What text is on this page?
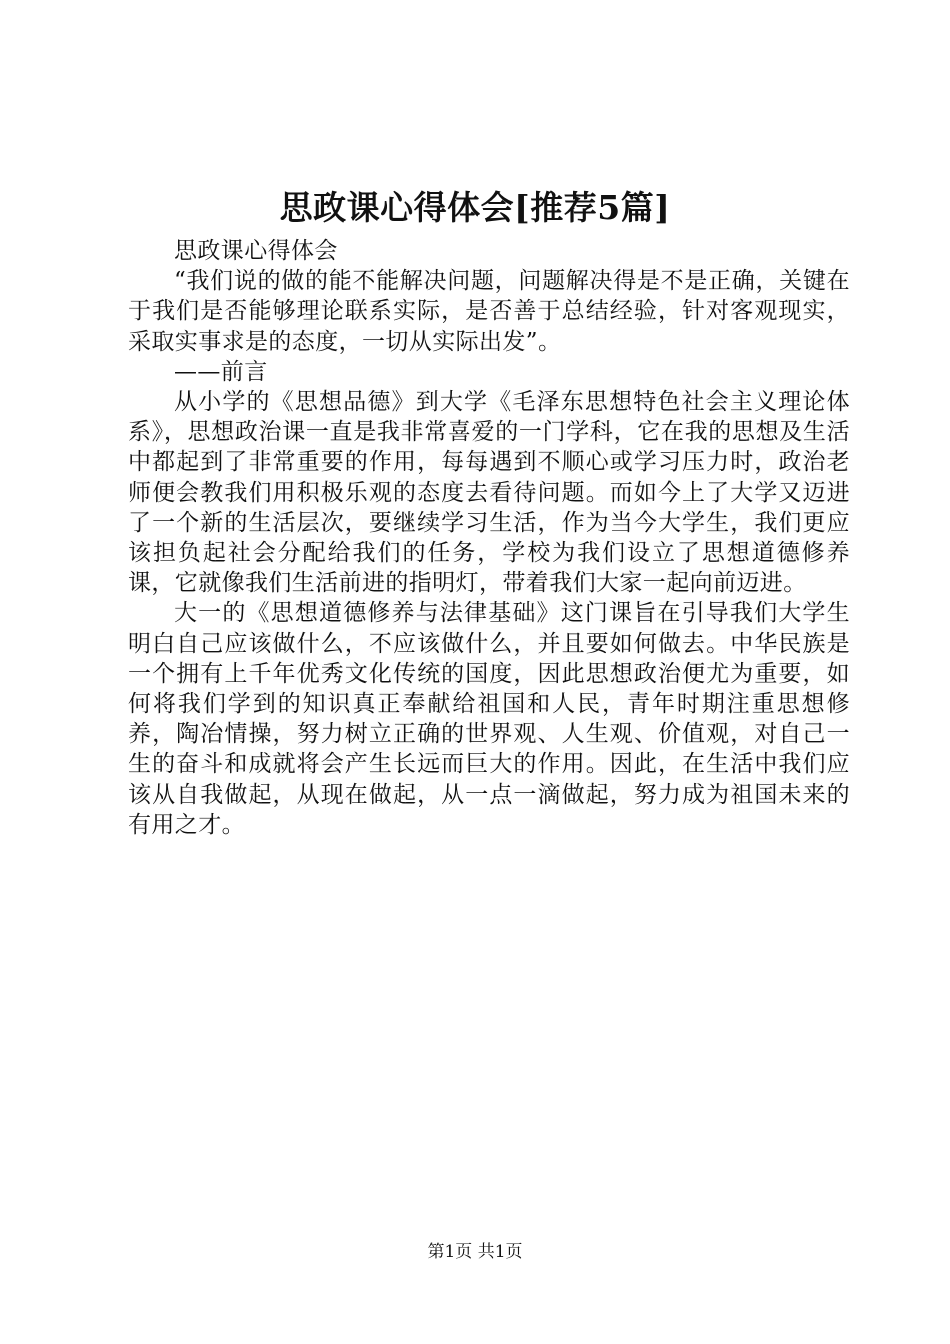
思政课心得体会[推荐5篇]

思政课心得体会

“我们说的做的能不能解决问题，问题解决得是不是正确，关键在于我们是否能够理论联系实际，是否善于总结经验，针对客观现实，采取实事求是的态度，一切从实际出发”。

——前言

从小学的《思想品德》到大学《毛泽东思想特色社会主义理论体系》，思想政治课一直是我非常喜爱的一门学科，它在我的思想及生活中都起到了非常重要的作用，每每遇到不顺心或学习压力时，政治老师便会教我们用积极乐观的态度去看待问题。而如今上了大学又迈进了一个新的生活层次，要继续学习生活，作为当今大学生，我们更应该担负起社会分配给我们的任务，学校为我们设立了思想道德修养课，它就像我们生活前进的指明灯，带着我们大家一起向前迈进。

大一的《思想道德修养与法律基础》这门课旨在引导我们大学生明白自己应该做什么，不应该做什么，并且要如何做去。中华民族是一个拥有上千年优秀文化传统的国度，因此思想政治便尤为重要，如何将我们学到的知识真正奉献给祖国和人民，青年时期注重思想修养，陶冶情操，努力树立正确的世界观、人生观、价值观，对自己一生的奋斗和成就将会产生长远而巨大的作用。因此，在生活中我们应该从自我做起，从现在做起，从一点一滴做起，努力成为祖国未来的有用之才。

第1页 共1页
